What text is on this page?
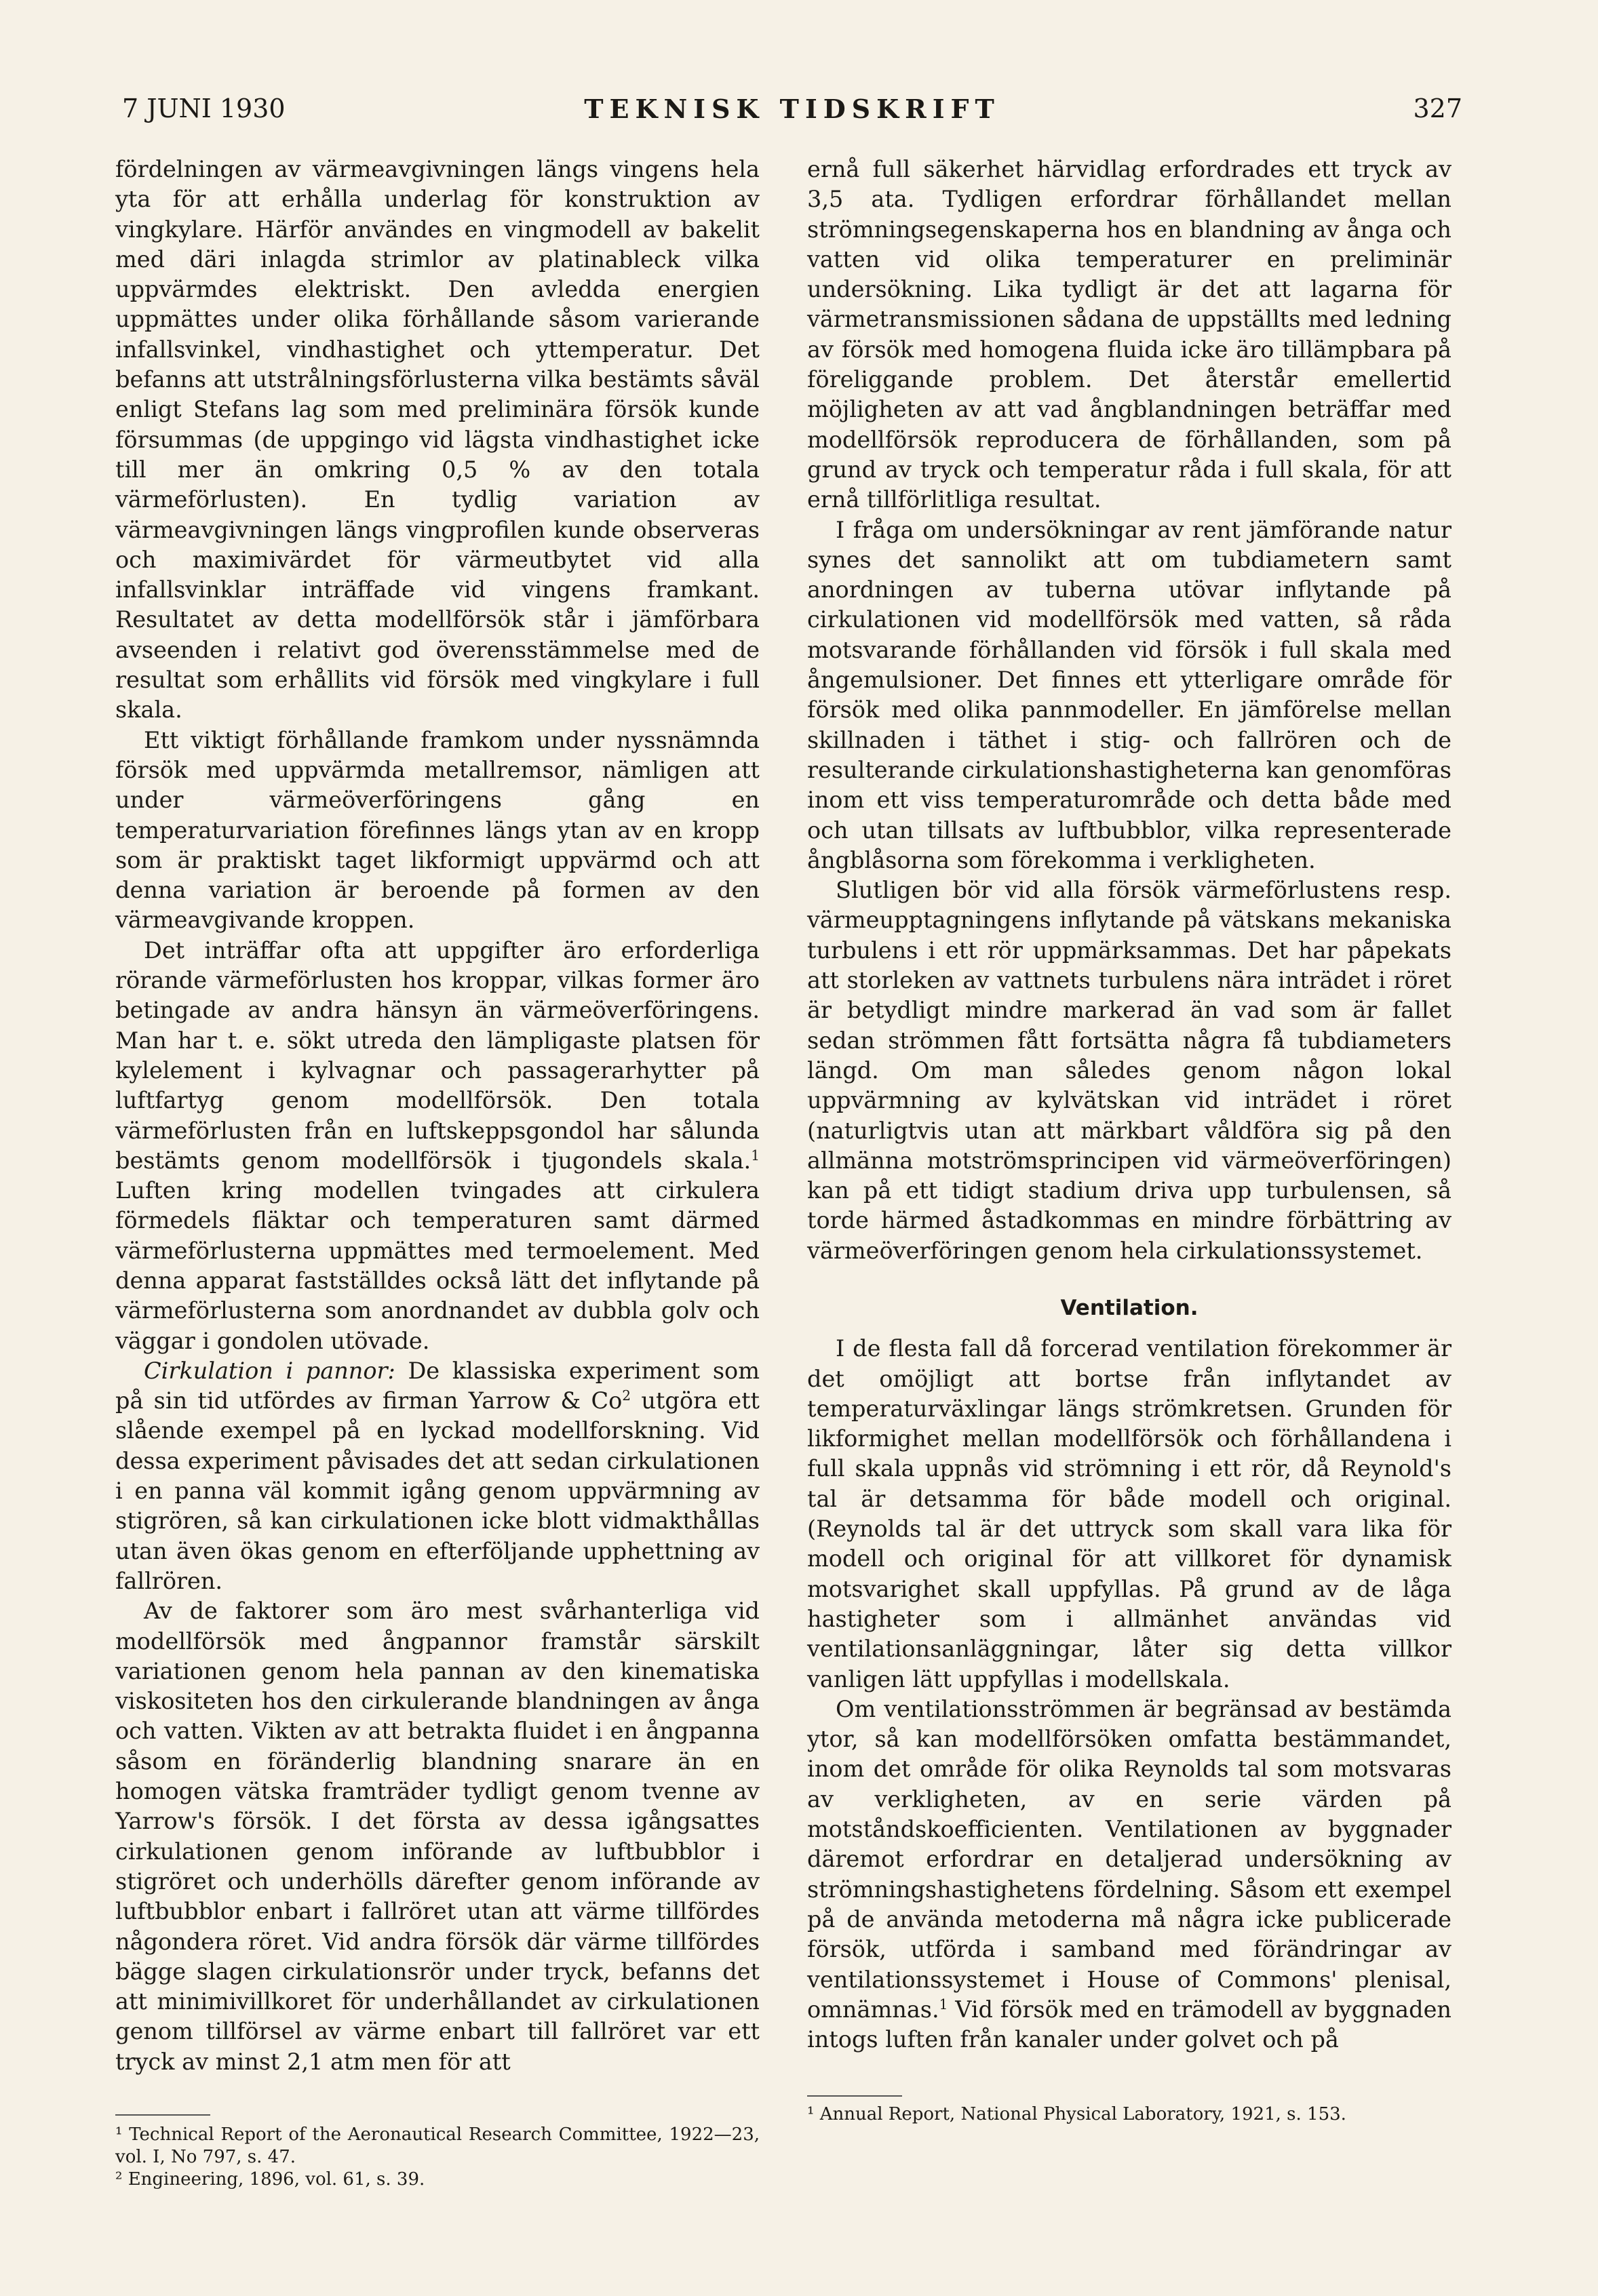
7 JUNI 1930	TEKNISK TIDSKRIFT	327

fördelningen av värmeavgivningen längs vingens hela yta för att erhålla underlag för konstruktion av vingkylare. Härför användes en vingmodell av bakelit med däri inlagda strimlor av platinableck vilka uppvärmdes elektriskt. Den avledda energien uppmättes under olika förhållande såsom varierande infallsvinkel, vindhastighet och yttemperatur. Det befanns att utstrålningsförlusterna vilka bestämts såväl enligt Stefans lag som med preliminära försök kunde försummas (de uppgingo vid lägsta vindhastighet icke till mer än omkring 0,5 % av den totala värmeförlusten). En tydlig variation av värmeavgivningen längs vingprofilen kunde observeras och maximivärdet för värmeutbytet vid alla infallsvinklar inträffade vid vingens framkant. Resultatet av detta modellförsök står i jämförbara avseenden i relativt god överensstämmelse med de resultat som erhållits vid försök med vingkylare i full skala.

Ett viktigt förhållande framkom under nyssnämnda försök med uppvärmda metallremsor, nämligen att under värmeöverföringens gång en temperaturvariation förefinnes längs ytan av en kropp som är praktiskt taget likformigt uppvärmd och att denna variation är beroende på formen av den värmeavgivande kroppen.

Det inträffar ofta att uppgifter äro erforderliga rörande värmeförlusten hos kroppar, vilkas former äro betingade av andra hänsyn än värmeöverföringens. Man har t. e. sökt utreda den lämpligaste platsen för kylelement i kylvagnar och passagerarhytter på luftfartyg genom modellförsök. Den totala värmeförlusten från en luftskeppsgondol har sålunda bestämts genom modellförsök i tjugondels skala.$^1$ Luften kring modellen tvingades att cirkulera förmedels fläktar och temperaturen samt därmed värmeförlusterna uppmättes med termoelement. Med denna apparat fastställdes också lätt det inflytande på värmeförlusterna som anordnandet av dubbla golv och väggar i gondolen utövade.

Cirkulation i pannor: De klassiska experiment som på sin tid utfördes av firman Yarrow & Co$^2$ utgöra ett slående exempel på en lyckad modellforskning. Vid dessa experiment påvisades det att sedan cirkulationen i en panna väl kommit igång genom uppvärmning av stigrören, så kan cirkulationen icke blott vidmakthållas utan även ökas genom en efterföljande upphettning av fallrören.

Av de faktorer som äro mest svårhanterliga vid modellförsök med ångpannor framstår särskilt variationen genom hela pannan av den kinematiska viskositeten hos den cirkulerande blandningen av ånga och vatten. Vikten av att betrakta fluidet i en ångpanna såsom en föränderlig blandning snarare än en homogen vätska framträder tydligt genom tvenne av Yarrow's försök. I det första av dessa igångsattes cirkulationen genom införande av luftbubblor i stigröret och underhölls därefter genom införande av luftbubblor enbart i fallröret utan att värme tillfördes någondera röret. Vid andra försök där värme tillfördes bägge slagen cirkulationsrör under tryck, befanns det att minimivillkoret för underhållandet av cirkulationen genom tillförsel av värme enbart till fallröret var ett tryck av minst 2,1 atm men för att

ernå full säkerhet härvidlag erfordrades ett tryck av 3,5 ata. Tydligen erfordrar förhållandet mellan strömningsegenskaperna hos en blandning av ånga och vatten vid olika temperaturer en preliminär undersökning. Lika tydligt är det att lagarna för värmetransmissionen sådana de uppställts med ledning av försök med homogena fluida icke äro tillämpbara på föreliggande problem. Det återstår emellertid möjligheten av att vad ångblandningen beträffar med modellförsök reproducera de förhållanden, som på grund av tryck och temperatur råda i full skala, för att ernå tillförlitliga resultat.

I fråga om undersökningar av rent jämförande natur synes det sannolikt att om tubdiametern samt anordningen av tuberna utövar inflytande på cirkulationen vid modellförsök med vatten, så råda motsvarande förhållanden vid försök i full skala med ångemulsioner. Det finnes ett ytterligare område för försök med olika pannmodeller. En jämförelse mellan skillnaden i täthet i stig- och fallrören och de resulterande cirkulationshastigheterna kan genomföras inom ett viss temperaturområde och detta både med och utan tillsats av luftbubblor, vilka representerade ångblåsorna som förekomma i verkligheten.

Slutligen bör vid alla försök värmeförlustens resp. värmeupptagningens inflytande på vätskans mekaniska turbulens i ett rör uppmärksammas. Det har påpekats att storleken av vattnets turbulens nära inträdet i röret är betydligt mindre markerad än vad som är fallet sedan strömmen fått fortsätta några få tubdiameters längd. Om man således genom någon lokal uppvärmning av kylvätskan vid inträdet i röret (naturligtvis utan att märkbart våldföra sig på den allmänna motströmsprincipen vid värmeöverföringen) kan på ett tidigt stadium driva upp turbulensen, så torde härmed åstadkommas en mindre förbättring av värmeöverföringen genom hela cirkulationssystemet.

Ventilation.

I de flesta fall då forcerad ventilation förekommer är det omöjligt att bortse från inflytandet av temperaturväxlingar längs strömkretsen. Grunden för likformighet mellan modellförsök och förhållandena i full skala uppnås vid strömning i ett rör, då Reynold's tal är detsamma för både modell och original. (Reynolds tal är det uttryck som skall vara lika för modell och original för att villkoret för dynamisk motsvarighet skall uppfyllas. På grund av de låga hastigheter som i allmänhet användas vid ventilationsanläggningar, låter sig detta villkor vanligen lätt uppfyllas i modellskala.

Om ventilationsströmmen är begränsad av bestämda ytor, så kan modellförsöken omfatta bestämmandet, inom det område för olika Reynolds tal som motsvaras av verkligheten, av en serie värden på motståndskoefficienten. Ventilationen av byggnader däremot erfordrar en detaljerad undersökning av strömningshastighetens fördelning. Såsom ett exempel på de använda metoderna må några icke publicerade försök, utförda i samband med förändringar av ventilationssystemet i House of Commons' plenisal, omnämnas.$^1$ Vid försök med en trämodell av byggnaden intogs luften från kanaler under golvet och på

¹ Technical Report of the Aeronautical Research Committee, 1922—23, vol. I, No 797, s. 47.

² Engineering, 1896, vol. 61, s. 39.

¹ Annual Report, National Physical Laboratory, 1921, s. 153.
